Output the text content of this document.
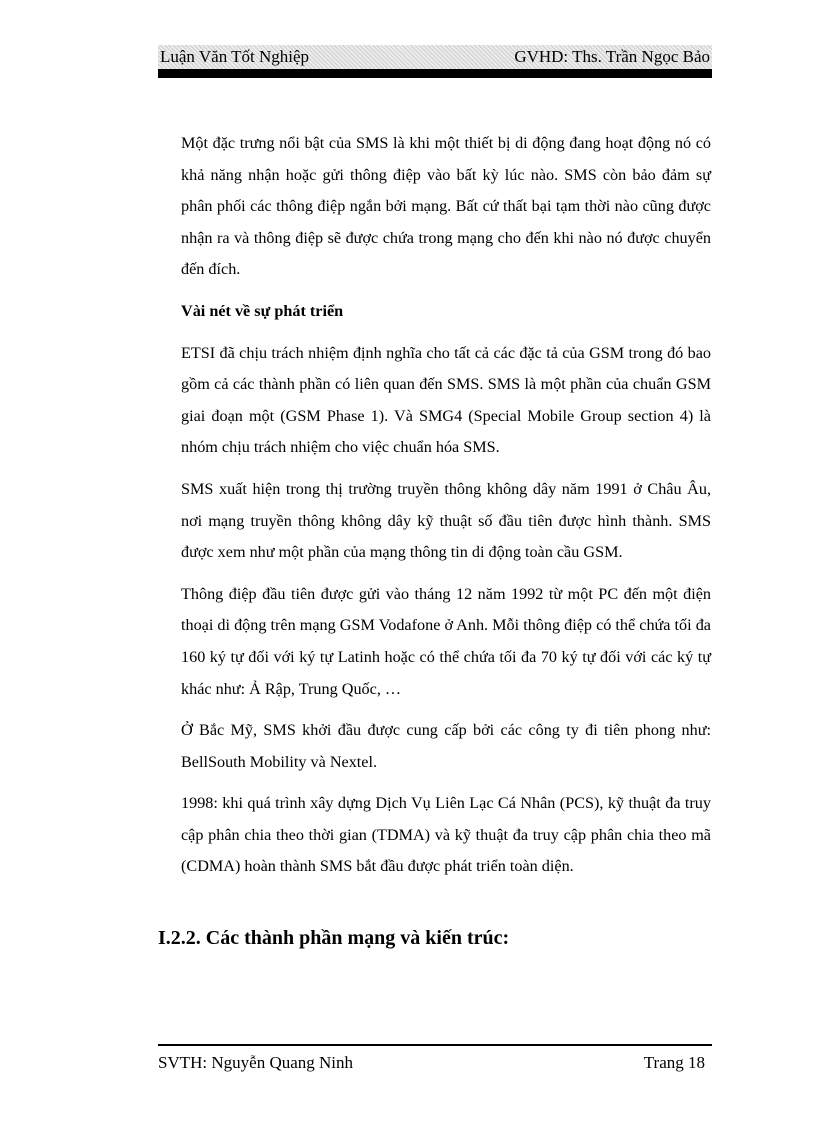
Luận Văn Tốt Nghiệp	GVHD: Ths. Trần Ngọc Bảo

Một đặc trưng nổi bật của SMS là khi một thiết bị di động đang hoạt động nó có khả năng nhận hoặc gửi thông điệp vào bất kỳ lúc nào. SMS còn bảo đảm sự phân phối các thông điệp ngắn bởi mạng. Bất cứ thất bại tạm thời nào cũng được nhận ra và thông điệp sẽ được chứa trong mạng cho đến khi nào nó được chuyển đến đích.

Vài nét về sự phát triển

ETSI đã chịu trách nhiệm định nghĩa cho tất cả các đặc tả của GSM trong đó bao gồm cả các thành phần có liên quan đến SMS. SMS là một phần của chuẩn GSM giai đoạn một (GSM Phase 1). Và SMG4 (Special Mobile Group section 4) là nhóm chịu trách nhiệm cho việc chuẩn hóa SMS.

SMS xuất hiện trong thị trường truyền thông không dây năm 1991 ở Châu Âu, nơi mạng truyền thông không dây kỹ thuật số đầu tiên được hình thành. SMS được xem như một phần của mạng thông tin di động toàn cầu GSM.

Thông điệp đầu tiên được gửi vào tháng 12 năm 1992 từ một PC đến một điện thoại di động trên mạng GSM Vodafone ở Anh. Mỗi thông điệp có thể chứa tối đa 160 ký tự đối với ký tự Latinh hoặc có thể chứa tối đa 70 ký tự đối với các ký tự khác như: Ả Rập, Trung Quốc, …

Ở Bắc Mỹ, SMS khởi đầu được cung cấp bởi các công ty đi tiên phong như: BellSouth Mobility và Nextel.

1998: khi quá trình xây dựng Dịch Vụ Liên Lạc Cá Nhân (PCS), kỹ thuật đa truy cập phân chia theo thời gian (TDMA) và kỹ thuật đa truy cập phân chia theo mã (CDMA) hoàn thành SMS bắt đầu được phát triển toàn diện.

I.2.2. Các thành phần mạng và kiến trúc:
SVTH: Nguyễn Quang Ninh	Trang 18
